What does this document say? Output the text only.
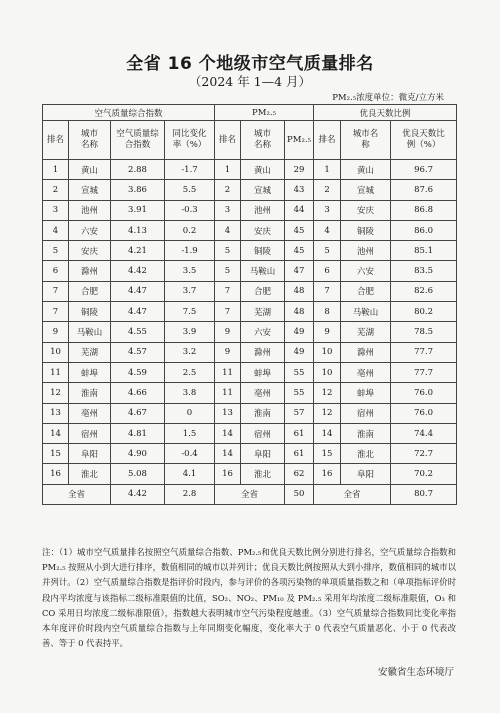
全省 16 个地级市空气质量排名
（2024 年 1—4 月）
PM₂.₅浓度单位：微克/立方米
空气质量综合指数				PM₂.₅			优良天数比例		
排名	城市名称	空气质量综合指数	同比变化率（%）	排名	城市名称	PM₂.₅	排名	城市名称	优良天数比例（%）
1	黄山	2.88	-1.7	1	黄山	29	1	黄山	96.7
2	宣城	3.86	5.5	2	宣城	43	2	宣城	87.6
3	池州	3.91	-0.3	3	池州	44	3	安庆	86.8
4	六安	4.13	0.2	4	安庆	45	4	铜陵	86.0
5	安庆	4.21	-1.9	5	铜陵	45	5	池州	85.1
6	滁州	4.42	3.5	5	马鞍山	47	6	六安	83.5
7	合肥	4.47	3.7	7	合肥	48	7	合肥	82.6
7	铜陵	4.47	7.5	7	芜湖	48	8	马鞍山	80.2
9	马鞍山	4.55	3.9	9	六安	49	9	芜湖	78.5
10	芜湖	4.57	3.2	9	滁州	49	10	滁州	77.7
11	蚌埠	4.59	2.5	11	蚌埠	55	10	亳州	77.7
12	淮南	4.66	3.8	11	亳州	55	12	蚌埠	76.0
13	亳州	4.67	0	13	淮南	57	12	宿州	76.0
14	宿州	4.81	1.5	14	宿州	61	14	淮南	74.4
15	阜阳	4.90	-0.4	14	阜阳	61	15	淮北	72.7
16	淮北	5.08	4.1	16	淮北	62	16	阜阳	70.2
全省		4.42	2.8	全省		50	全省		80.7
注：（1）城市空气质量排名按照空气质量综合指数、PM₂.₅和优良天数比例分别进行排名，空气质量综合指数和 PM₂.₅ 按照从小到大进行排序，数值相同的城市以并列计；优良天数比例按照从大到小排序，数值相同的城市以并列计。（2）空气质量综合指数是指评价时段内，参与评价的各项污染物的单项质量指数之和（单项指标评价时段内平均浓度与该指标二级标准限值的比值，SO₂、NO₂、PM₁₀ 及 PM₂.₅ 采用年均浓度二级标准限值，O₃ 和 CO 采用日均浓度二级标准限值），指数越大表明城市空气污染程度越重。（3）空气质量综合指数同比变化率指本年度评价时段内空气质量综合指数与上年同期变化幅度，变化率大于 0 代表空气质量恶化、小于 0 代表改善、等于 0 代表持平。
安徽省生态环境厅
